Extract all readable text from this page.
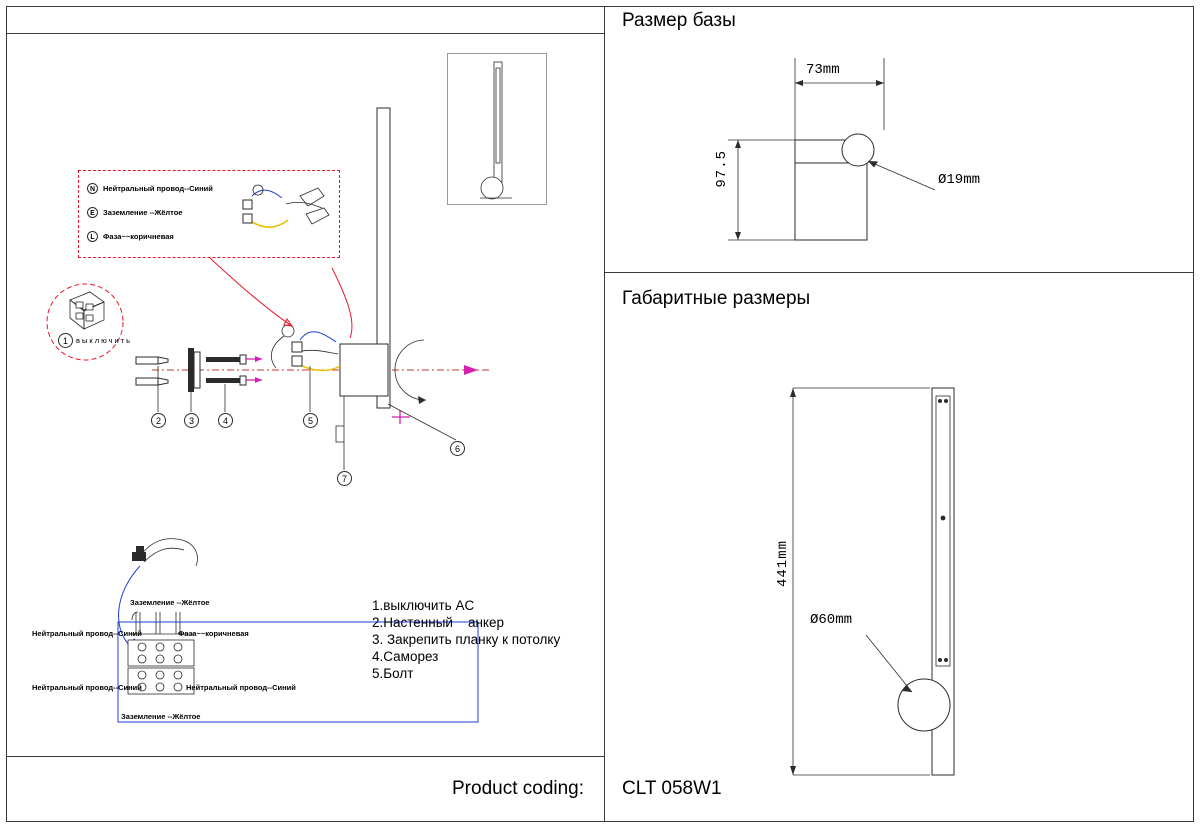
Размер базы
Габаритные размеры
Product coding: CLT 058W1
73mm
97.5	Ø19mm
441mm
Ø60mm
N	Нейтральный провод--Синий
E	Заземление --Жёлтое
L	Фаза~~коричневая
1	выключить
2	3	4	5
6
7
Заземление --Жёлтое
Нейтральный провод--Синий	Фаза~~коричневая
Нейтральный провод--Синий	Нейтральный провод--Синий
Заземление --Жёлтое
1.выключить AC
2.Настенный    анкер
3. Закрепить планку к потолку
4.Саморез
5.Болт
